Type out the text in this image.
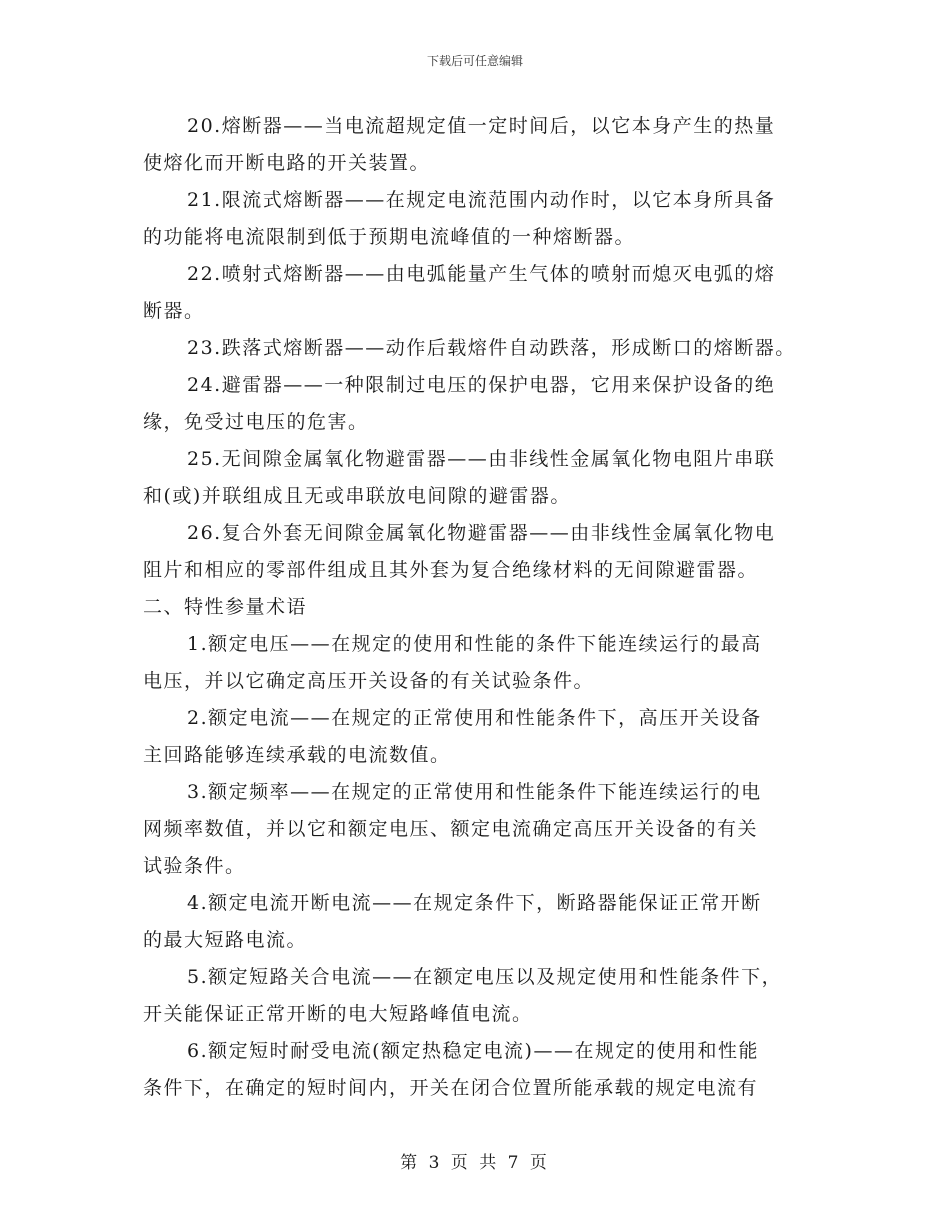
下载后可任意编辑

20.熔断器——当电流超规定值一定时间后，以它本身产生的热量
使熔化而开断电路的开关装置。

21.限流式熔断器——在规定电流范围内动作时，以它本身所具备
的功能将电流限制到低于预期电流峰值的一种熔断器。

22.喷射式熔断器——由电弧能量产生气体的喷射而熄灭电弧的熔
断器。

23.跌落式熔断器——动作后载熔件自动跌落，形成断口的熔断器。

24.避雷器——一种限制过电压的保护电器，它用来保护设备的绝
缘，免受过电压的危害。

25.无间隙金属氧化物避雷器——由非线性金属氧化物电阻片串联
和(或)并联组成且无或串联放电间隙的避雷器。

26.复合外套无间隙金属氧化物避雷器——由非线性金属氧化物电
阻片和相应的零部件组成且其外套为复合绝缘材料的无间隙避雷器。

二、特性参量术语

1.额定电压——在规定的使用和性能的条件下能连续运行的最高
电压，并以它确定高压开关设备的有关试验条件。

2.额定电流——在规定的正常使用和性能条件下，高压开关设备
主回路能够连续承载的电流数值。

3.额定频率——在规定的正常使用和性能条件下能连续运行的电
网频率数值，并以它和额定电压、额定电流确定高压开关设备的有关
试验条件。

4.额定电流开断电流——在规定条件下，断路器能保证正常开断
的最大短路电流。

5.额定短路关合电流——在额定电压以及规定使用和性能条件下，
开关能保证正常开断的电大短路峰值电流。

6.额定短时耐受电流(额定热稳定电流)——在规定的使用和性能
条件下，在确定的短时间内，开关在闭合位置所能承载的规定电流有

第 3 页 共 7 页
